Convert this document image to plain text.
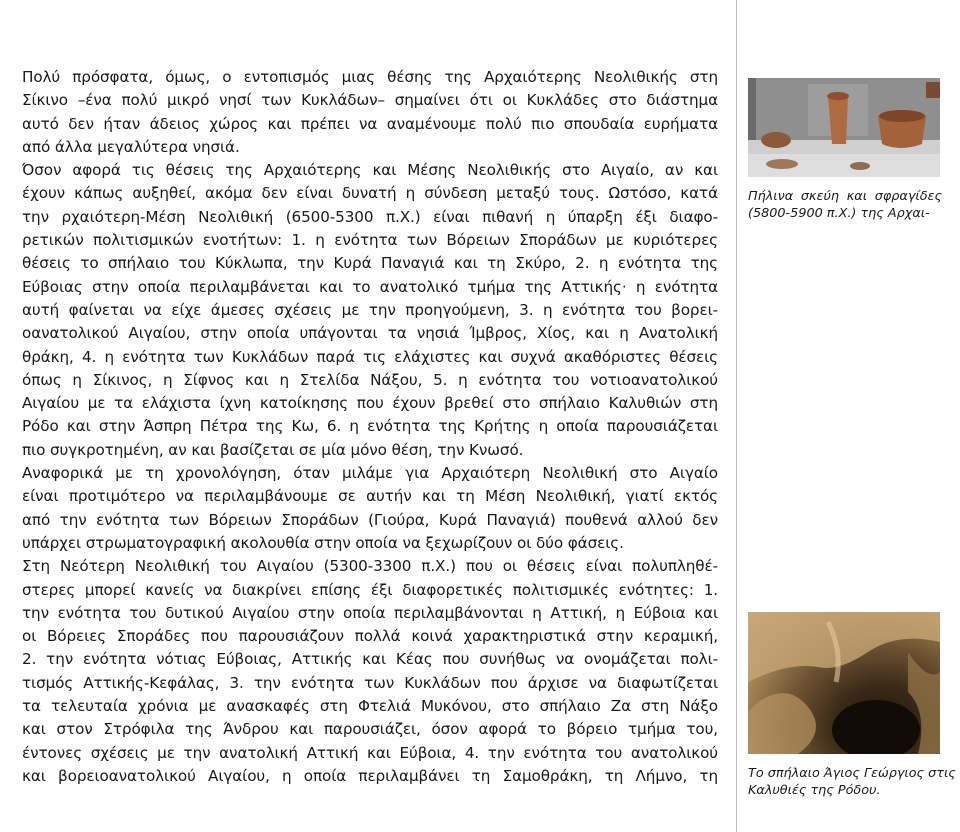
Πολύ πρόσφατα, όμως, ο εντοπισμός μιας θέσης της Αρχαιότερης Νεολιθικής στη
Σίκινο –ένα πολύ μικρό νησί των Κυκλάδων– σημαίνει ότι οι Κυκλάδες στο διάστημα
αυτό δεν ήταν άδειος χώρος και πρέπει να αναμένουμε πολύ πιο σπουδαία ευρήματα
από άλλα μεγαλύτερα νησιά.
Όσον αφορά τις θέσεις της Αρχαιότερης και Μέσης Νεολιθικής στο Αιγαίο, αν και
έχουν κάπως αυξηθεί, ακόμα δεν είναι δυνατή η σύνδεση μεταξύ τους. Ωστόσο, κατά
την ρχαιότερη-Μέση Νεολιθική (6500-5300 π.Χ.) είναι πιθανή η ύπαρξη έξι διαφο-
ρετικών πολιτισμικών ενοτήτων: 1. η ενότητα των Βόρειων Σποράδων με κυριότερες
θέσεις το σπήλαιο του Κύκλωπα, την Κυρά Παναγιά και τη Σκύρο, 2. η ενότητα της
Εύβοιας στην οποία περιλαμβάνεται και το ανατολικό τμήμα της Αττικής· η ενότητα
αυτή φαίνεται να είχε άμεσες σχέσεις με την προηγούμενη, 3. η ενότητα του βορει-
οανατολικού Αιγαίου, στην οποία υπάγονται τα νησιά Ίμβρος, Χίος, και η Ανατολική
θράκη, 4. η ενότητα των Κυκλάδων παρά τις ελάχιστες και συχνά ακαθόριστες θέσεις
όπως η Σίκινος, η Σίφνος και η Στελίδα Νάξου, 5. η ενότητα του νοτιοανατολικού
Αιγαίου με τα ελάχιστα ίχνη κατοίκησης που έχουν βρεθεί στο σπήλαιο Καλυθιών στη
Ρόδο και στην Άσπρη Πέτρα της Κω, 6. η ενότητα της Κρήτης η οποία παρουσιάζεται
πιο συγκροτημένη, αν και βασίζεται σε μία μόνο θέση, την Κνωσό.
Αναφορικά με τη χρονολόγηση, όταν μιλάμε για Αρχαιότερη Νεολιθική στο Αιγαίο
είναι προτιμότερο να περιλαμβάνουμε σε αυτήν και τη Μέση Νεολιθική, γιατί εκτός
από την ενότητα των Βόρειων Σποράδων (Γιούρα, Κυρά Παναγιά) πουθενά αλλού δεν
υπάρχει στρωματογραφική ακολουθία στην οποία να ξεχωρίζουν οι δύο φάσεις.
Στη Νεότερη Νεολιθική του Αιγαίου (5300-3300 π.Χ.) που οι θέσεις είναι πολυπληθέ-
στερες μπορεί κανείς να διακρίνει επίσης έξι διαφορετικές πολιτισμικές ενότητες: 1.
την ενότητα του δυτικού Αιγαίου στην οποία περιλαμβάνονται η Αττική, η Εύβοια και
οι Βόρειες Σποράδες που παρουσιάζουν πολλά κοινά χαρακτηριστικά στην κεραμική,
2. την ενότητα νότιας Εύβοιας, Αττικής και Κέας που συνήθως να ονομάζεται πολι-
τισμός Αττικής-Κεφάλας, 3. την ενότητα των Κυκλάδων που άρχισε να διαφωτίζεται
τα τελευταία χρόνια με ανασκαφές στη Φτελιά Μυκόνου, στο σπήλαιο Ζα στη Νάξο
και στον Στρόφιλα της Άνδρου και παρουσιάζει, όσον αφορά το βόρειο τμήμα του,
έντονες σχέσεις με την ανατολική Αττική και Εύβοια, 4. την ενότητα του ανατολικού
και βορειοανατολικού Αιγαίου, η οποία περιλαμβάνει τη Σαμοθράκη, τη Λήμνο, τη
Πήλινα σκεύη και σφραγίδες
(5800-5900 π.Χ.) της Αρχαι-
Το σπήλαιο Άγιος Γεώργιος στις
Καλυθιές της Ρόδου.
